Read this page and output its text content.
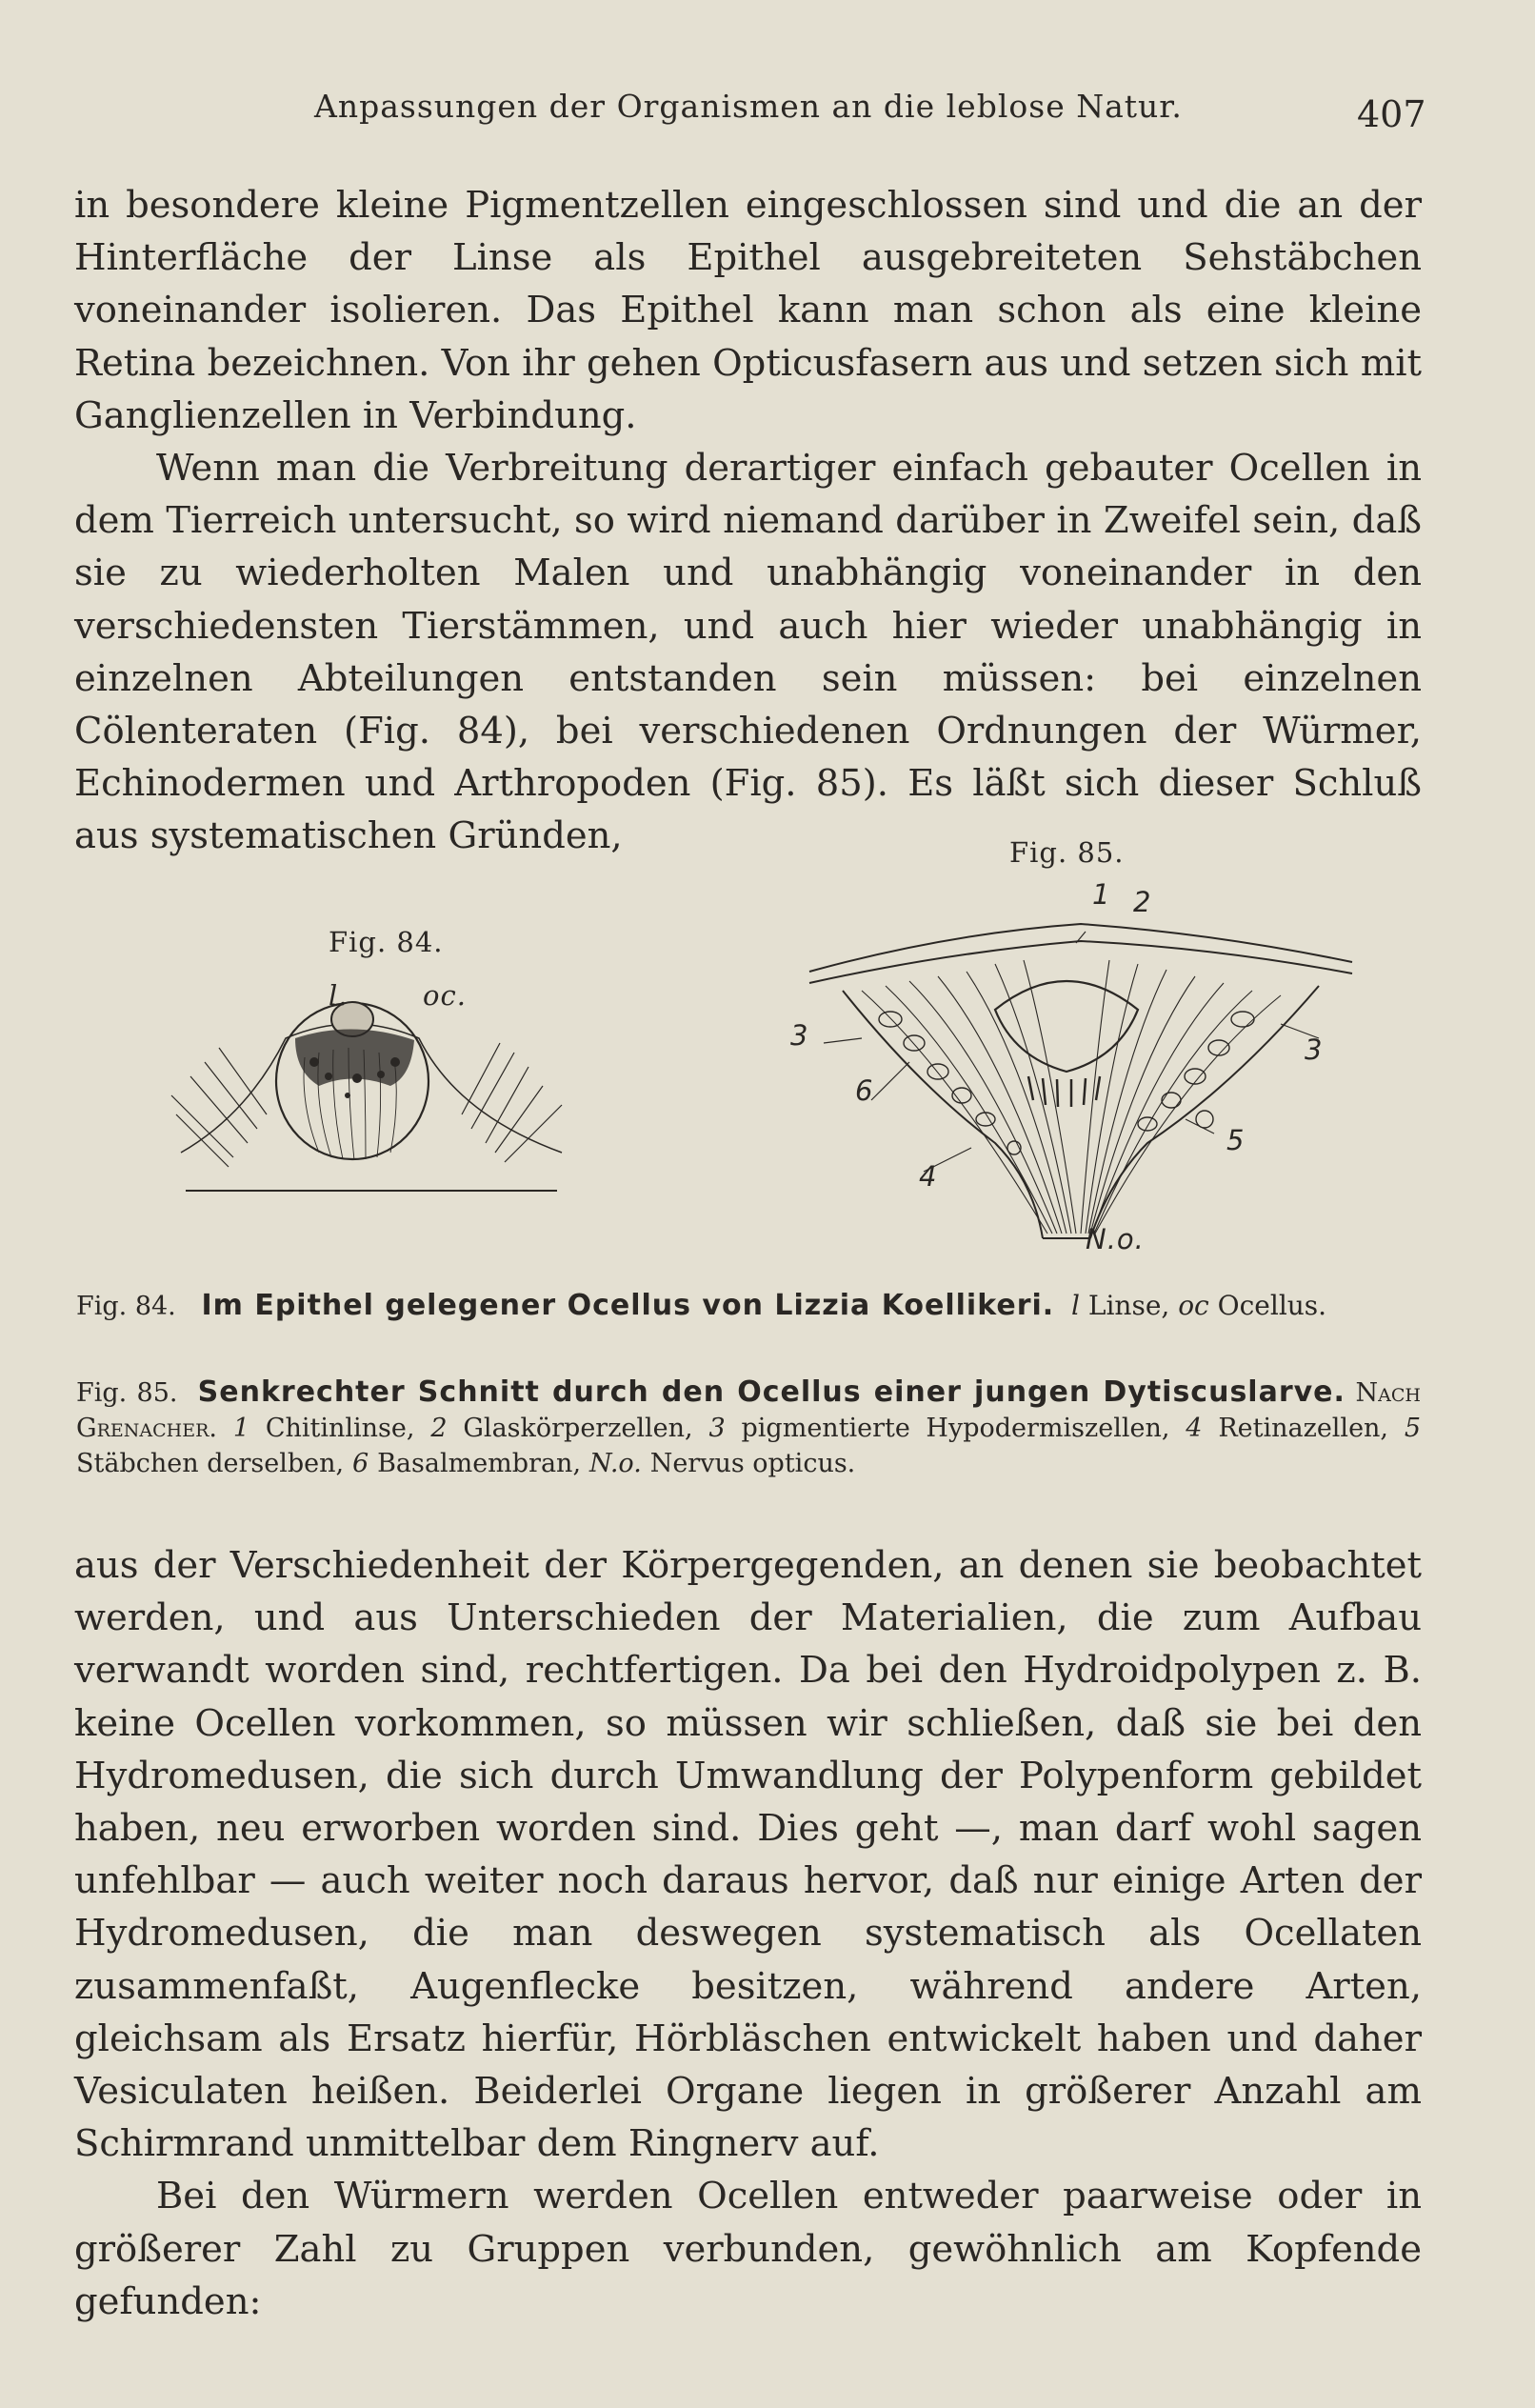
Anpassungen der Organismen an die leblose Natur.	407

in besondere kleine Pigmentzellen eingeschlossen sind und die an der Hinterfläche der Linse als Epithel ausgebreiteten Sehstäbchen voneinander isolieren. Das Epithel kann man schon als eine kleine Retina bezeichnen. Von ihr gehen Opticusfasern aus und setzen sich mit Ganglienzellen in Verbindung.

Wenn man die Verbreitung derartiger einfach gebauter Ocellen in dem Tierreich untersucht, so wird niemand darüber in Zweifel sein, daß sie zu wiederholten Malen und unabhängig voneinander in den verschiedensten Tierstämmen, und auch hier wieder unabhängig in einzelnen Abteilungen entstanden sein müssen: bei einzelnen Cölenteraten (Fig. 84), bei verschiedenen Ordnungen der Würmer, Echinodermen und Arthropoden (Fig. 85). Es läßt sich dieser Schluß aus systematischen Gründen,

Fig. 84.
l.	oc.
Fig. 85.
1 2
3	3
4
5
6
N.o.

Fig. 84. Im Epithel gelegener Ocellus von Lizzia Koellikeri. l Linse, oc Ocellus.

Fig. 85. Senkrechter Schnitt durch den Ocellus einer jungen Dytiscuslarve. Nach Grenacher. 1 Chitinlinse, 2 Glaskörperzellen, 3 pigmentierte Hypodermiszellen, 4 Retinazellen, 5 Stäbchen derselben, 6 Basalmembran, N.o. Nervus opticus.

aus der Verschiedenheit der Körpergegenden, an denen sie beobachtet werden, und aus Unterschieden der Materialien, die zum Aufbau verwandt worden sind, rechtfertigen. Da bei den Hydroidpolypen z. B. keine Ocellen vorkommen, so müssen wir schließen, daß sie bei den Hydromedusen, die sich durch Umwandlung der Polypenform gebildet haben, neu erworben worden sind. Dies geht —, man darf wohl sagen unfehlbar — auch weiter noch daraus hervor, daß nur einige Arten der Hydromedusen, die man deswegen systematisch als Ocellaten zusammenfaßt, Augenflecke besitzen, während andere Arten, gleichsam als Ersatz hierfür, Hörbläschen entwickelt haben und daher Vesiculaten heißen. Beiderlei Organe liegen in größerer Anzahl am Schirmrand unmittelbar dem Ringnerv auf.

Bei den Würmern werden Ocellen entweder paarweise oder in größerer Zahl zu Gruppen verbunden, gewöhnlich am Kopfende gefunden:
